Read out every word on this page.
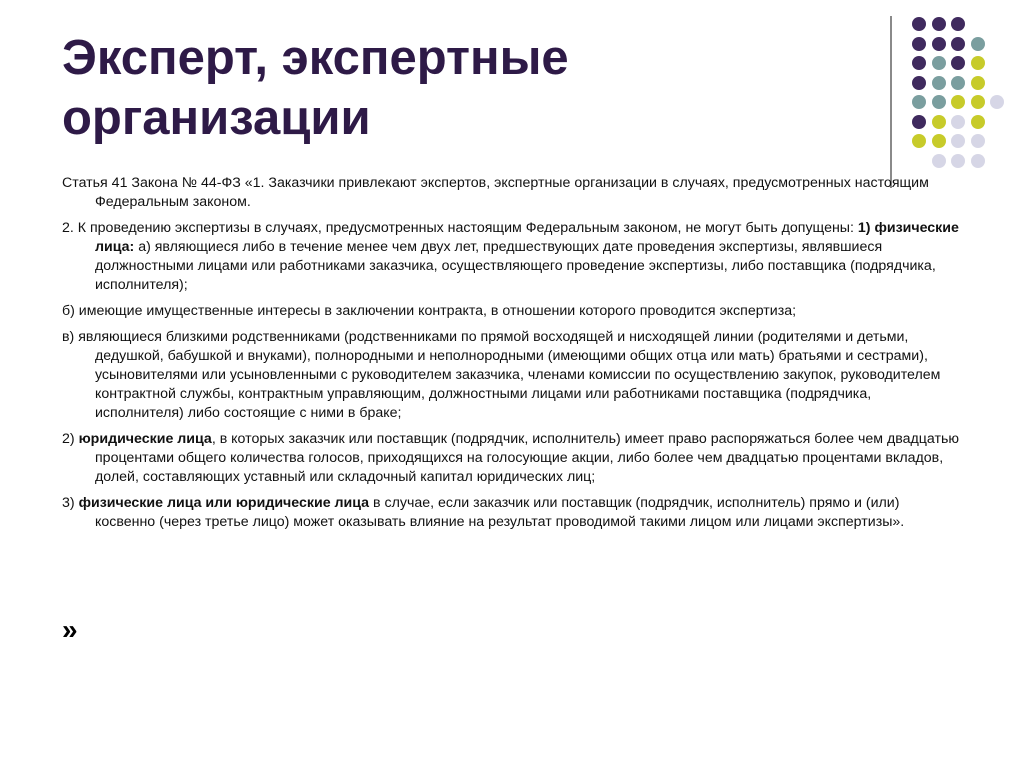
Эксперт, экспертные организации

Статья 41 Закона № 44-ФЗ «1. Заказчики привлекают экспертов, экспертные организации в случаях, предусмотренных настоящим Федеральным законом.

2. К проведению экспертизы в случаях, предусмотренных настоящим Федеральным законом, не могут быть допущены: 1) физические лица: а) являющиеся либо в течение менее чем двух лет, предшествующих дате проведения экспертизы, являвшиеся должностными лицами или работниками заказчика, осуществляющего проведение экспертизы, либо поставщика (подрядчика, исполнителя);

б) имеющие имущественные интересы в заключении контракта, в отношении которого проводится экспертиза;

в) являющиеся близкими родственниками (родственниками по прямой восходящей и нисходящей линии (родителями и детьми, дедушкой, бабушкой и внуками), полнородными и неполнородными (имеющими общих отца или мать) братьями и сестрами), усыновителями или усыновленными с руководителем заказчика, членами комиссии по осуществлению закупок, руководителем контрактной службы, контрактным управляющим, должностными лицами или работниками поставщика (подрядчика, исполнителя) либо состоящие с ними в браке;

2) юридические лица, в которых заказчик или поставщик (подрядчик, исполнитель) имеет право распоряжаться более чем двадцатью процентами общего количества голосов, приходящихся на голосующие акции, либо более чем двадцатью процентами вкладов, долей, составляющих уставный или складочный капитал юридических лиц;

3) физические лица или юридические лица в случае, если заказчик или поставщик (подрядчик, исполнитель) прямо и (или) косвенно (через третье лицо) может оказывать влияние на результат проводимой такими лицом или лицами экспертизы».

»
